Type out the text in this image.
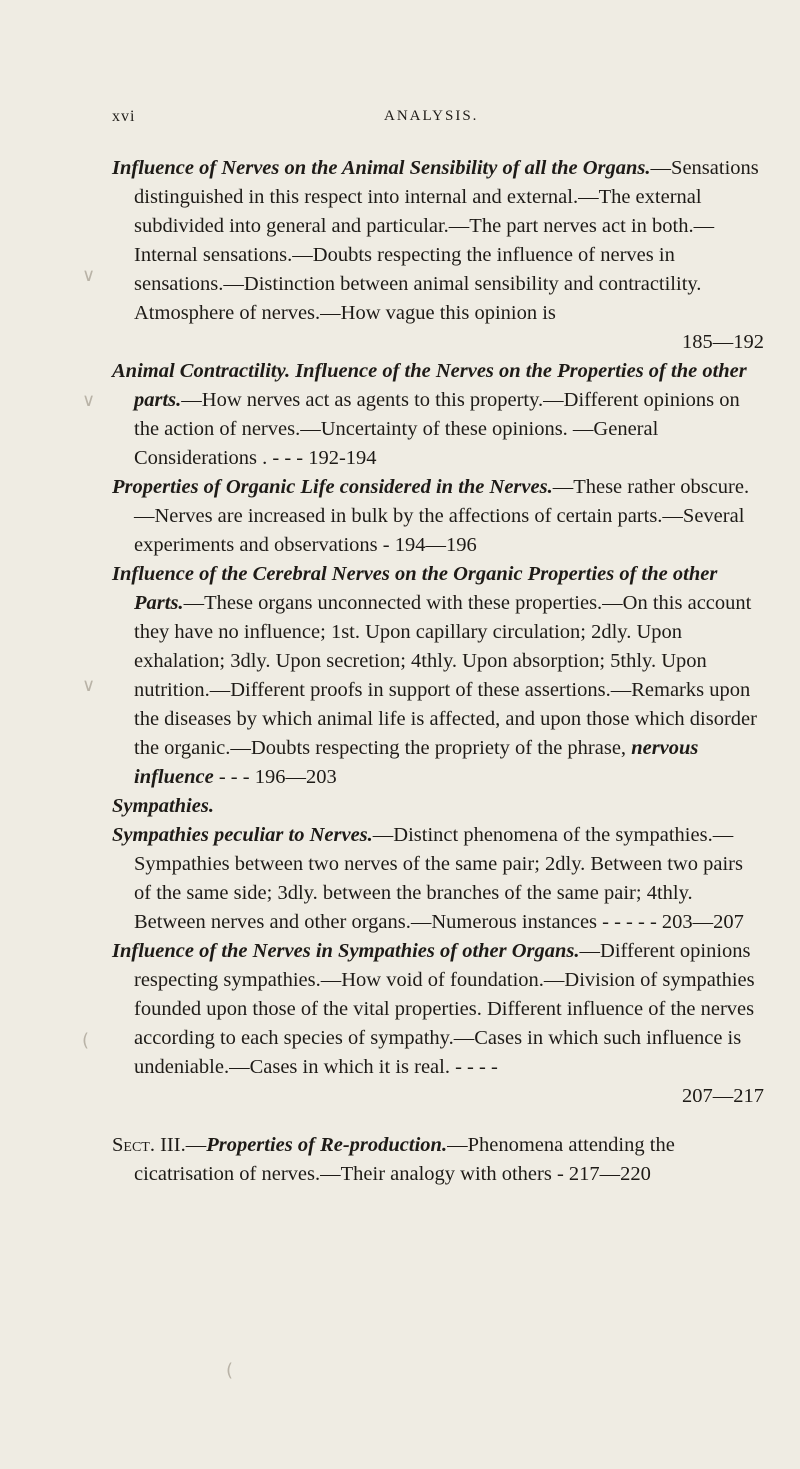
xvi	ANALYSIS.

Influence of Nerves on the Animal Sensibility of all the Organs.—Sensations distinguished in this respect into internal and external.—The external subdivided into general and particular.—The part nerves act in both.—Internal sensations.—Doubts respecting the influence of nerves in sensations.—Distinction between animal sensibility and contractility. Atmosphere of nerves.—How vague this opinion is
185—192

Animal Contractility. Influence of the Nerves on the Properties of the other parts.—How nerves act as agents to this property.—Different opinions on the action of nerves.—Uncertainty of these opinions. —General Considerations . - - - 192-194

Properties of Organic Life considered in the Nerves.—These rather obscure.—Nerves are increased in bulk by the affections of certain parts.—Several experiments and observations - 194—196

Influence of the Cerebral Nerves on the Organic Properties of the other Parts.—These organs unconnected with these properties.—On this account they have no influence; 1st. Upon capillary circulation; 2dly. Upon exhalation; 3dly. Upon secretion; 4thly. Upon absorption; 5thly. Upon nutrition.—Different proofs in support of these assertions.—Remarks upon the diseases by which animal life is affected, and upon those which disorder the organic.—Doubts respecting the propriety of the phrase, nervous influence - - - 196—203

Sympathies.

Sympathies peculiar to Nerves.—Distinct phenomena of the sympathies.—Sympathies between two nerves of the same pair; 2dly. Between two pairs of the same side; 3dly. between the branches of the same pair; 4thly. Between nerves and other organs.—Numerous instances - - - - - 203—207

Influence of the Nerves in Sympathies of other Organs.—Different opinions respecting sympathies.—How void of foundation.—Division of sympathies founded upon those of the vital properties. Different influence of the nerves according to each species of sympathy.—Cases in which such influence is undeniable.—Cases in which it is real. - - - -
207—217

Sect. III.—Properties of Re-production.—Phenomena attending the cicatrisation of nerves.—Their analogy with others - 217—220

∨
∨
∨
(
(
